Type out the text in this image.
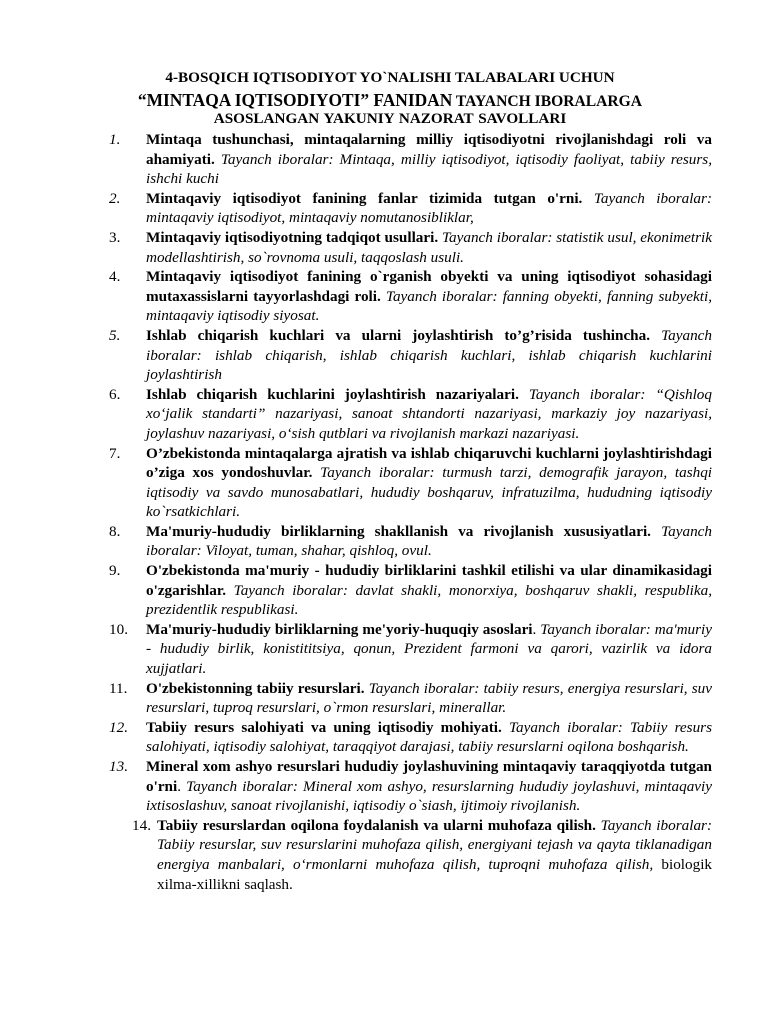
4-BOSQICH IQTISODIYOT YO`NALISHI TALABALARI UCHUN
“MINTAQA IQTISODIYOTI” FANIDAN TAYANCH IBORALARGA
ASOSLANGAN YAKUNIY NAZORAT SAVOLLARI
1. Mintaqa tushunchasi, mintaqalarning milliy iqtisodiyotni rivojlanishdagi roli va ahamiyati. Tayanch iboralar: Mintaqa, milliy iqtisodiyot, iqtisodiy faoliyat, tabiiy resurs, ishchi kuchi
2. Mintaqaviy iqtisodiyot fanining fanlar tizimida tutgan o'rni. Tayanch iboralar: mintaqaviy iqtisodiyot, mintaqaviy nomutanosibliklar,
3. Mintaqaviy iqtisodiyotning tadqiqot usullari. Tayanch iboralar: statistik usul, ekonimetrik modellashtirish, so`rovnoma usuli, taqqoslash usuli.
4. Mintaqaviy iqtisodiyot fanining o`rganish obyekti va uning iqtisodiyot sohasidagi mutaxassislarni tayyorlashdagi roli. Tayanch iboralar: fanning obyekti, fanning subyekti, mintaqaviy iqtisodiy siyosat.
5. Ishlab chiqarish kuchlari va ularni joylashtirish to’g’risida tushincha. Tayanch iboralar: ishlab chiqarish, ishlab chiqarish kuchlari, ishlab chiqarish kuchlarini joylashtirish
6. Ishlab chiqarish kuchlarini joylashtirish nazariyalari. Tayanch iboralar: “Qishloq xo‘jalik standarti” nazariyasi, sanoat shtandorti nazariyasi, markaziy joy nazariyasi, joylashuv nazariyasi, o‘sish qutblari va rivojlanish markazi nazariyasi.
7. O’zbekistonda mintaqalarga ajratish va ishlab chiqaruvchi kuchlarni joylashtirishdagi o’ziga xos yondoshuvlar. Tayanch iboralar: turmush tarzi, demografik jarayon, tashqi iqtisodiy va savdo munosabatlari, hududiy boshqaruv, infratuzilma, hududning iqtisodiy ko`rsatkichlari.
8. Ma'muriy-hududiy birliklarning shakllanish va rivojlanish xususiyatlari. Tayanch iboralar: Viloyat, tuman, shahar, qishloq, ovul.
9. O'zbekistonda ma'muriy - hududiy birliklarini tashkil etilishi va ular dinamikasidagi o'zgarishlar. Tayanch iboralar: davlat shakli, monorxiya, boshqaruv shakli, respublika, prezidentlik respublikasi.
10. Ma'muriy-hududiy birliklarning me'yoriy-huquqiy asoslari. Tayanch iboralar: ma'muriy - hududiy birlik, konistititsiya, qonun, Prezident farmoni va qarori, vazirlik va idora xujjatlari.
11. O'zbekistonning tabiiy resurslari. Tayanch iboralar: tabiiy resurs, energiya resurslari, suv resurslari, tuproq resurslari, o`rmon resurslari, minerallar.
12. Tabiiy resurs salohiyati va uning iqtisodiy mohiyati. Tayanch iboralar: Tabiiy resurs salohiyati, iqtisodiy salohiyat, taraqqiyot darajasi, tabiiy resurslarni oqilona boshqarish.
13. Mineral xom ashyo resurslari hududiy joylashuvining mintaqaviy taraqqiyotda tutgan o'rni. Tayanch iboralar: Mineral xom ashyo, resurslarning hududiy joylashuvi, mintaqaviy ixtisoslashuv, sanoat rivojlanishi, iqtisodiy o`siash, ijtimoiy rivojlanish.
14. Tabiiy resurslardan oqilona foydalanish va ularni muhofaza qilish. Tayanch iboralar: Tabiiy resurslar, suv resurslarini muhofaza qilish, energiyani tejash va qayta tiklanadigan energiya manbalari, o‘rmonlarni muhofaza qilish, tuproqni muhofaza qilish, biologik xilma-xillikni saqlash.
